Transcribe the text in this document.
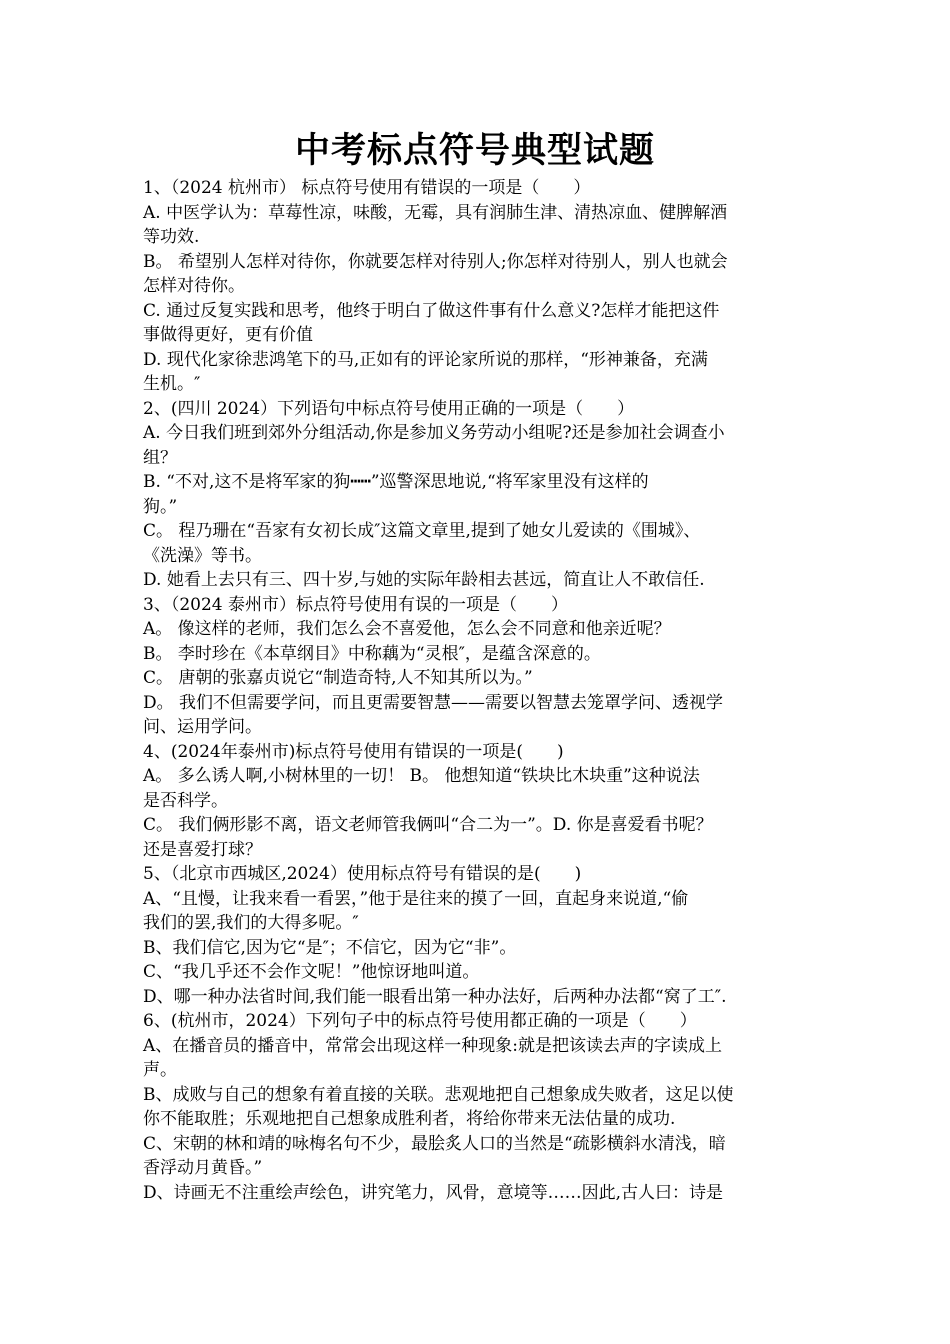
中考标点符号典型试题
1、（2024 杭州市） 标点符号使用有错误的一项是（　　）
A. 中医学认为：草莓性凉，味酸，无霉，具有润肺生津、清热凉血、健脾解酒
等功效.
B。 希望别人怎样对待你，你就要怎样对待别人;你怎样对待别人，别人也就会
怎样对待你。
C. 通过反复实践和思考，他终于明白了做这件事有什么意义?怎样才能把这件
事做得更好，更有价值
D. 现代化家徐悲鸿笔下的马,正如有的评论家所说的那样，“形神兼备，充满
生机。″
2、(四川 2024）下列语句中标点符号使用正确的一项是（　　）
A. 今日我们班到郊外分组活动,你是参加义务劳动小组呢?还是参加社会调查小
组？
B. “不对,这不是将军家的狗┅┅”巡警深思地说,“将军家里没有这样的
狗。”
C。 程乃珊在“吾家有女初长成″这篇文章里,提到了她女儿爱读的《围城》、
《洗澡》等书。
D. 她看上去只有三、四十岁,与她的实际年龄相去甚远，简直让人不敢信任.
3、（2024 泰州市）标点符号使用有误的一项是（　　）
A。 像这样的老师，我们怎么会不喜爱他，怎么会不同意和他亲近呢？
B。 李时珍在《本草纲目》中称藕为“灵根″，是蕴含深意的。
C。 唐朝的张嘉贞说它“制造奇特,人不知其所以为。”
D。 我们不但需要学问，而且更需要智慧——需要以智慧去笼罩学问、透视学
问、运用学问。
4、(2024年泰州市)标点符号使用有错误的一项是(　　)
A。 多么诱人啊,小树林里的一切！ B。 他想知道“铁块比木块重”这种说法
是否科学。
C。 我们俩形影不离，语文老师管我俩叫“合二为一”。D. 你是喜爱看书呢？
还是喜爱打球？
5、（北京市西城区,2024）使用标点符号有错误的是(　　)
A、“且慢，让我来看一看罢，”他于是往来的摸了一回，直起身来说道,“偷
我们的罢,我们的大得多呢。″
B、我们信它,因为它“是″；不信它，因为它“非”。
C、“我几乎还不会作文呢！”他惊讶地叫道。
D、哪一种办法省时间,我们能一眼看出第一种办法好，后两种办法都“窝了工″.
6、(杭州市，2024）下列句子中的标点符号使用都正确的一项是（　　）
A、在播音员的播音中，常常会出现这样一种现象:就是把该读去声的字读成上
声。
B、成败与自己的想象有着直接的关联。悲观地把自己想象成失败者，这足以使
你不能取胜；乐观地把自己想象成胜利者，将给你带来无法估量的成功.
C、宋朝的林和靖的咏梅名句不少，最脍炙人口的当然是“疏影横斜水清浅，暗
香浮动月黄昏。”
D、诗画无不注重绘声绘色，讲究笔力，风骨，意境等……因此,古人曰：诗是
